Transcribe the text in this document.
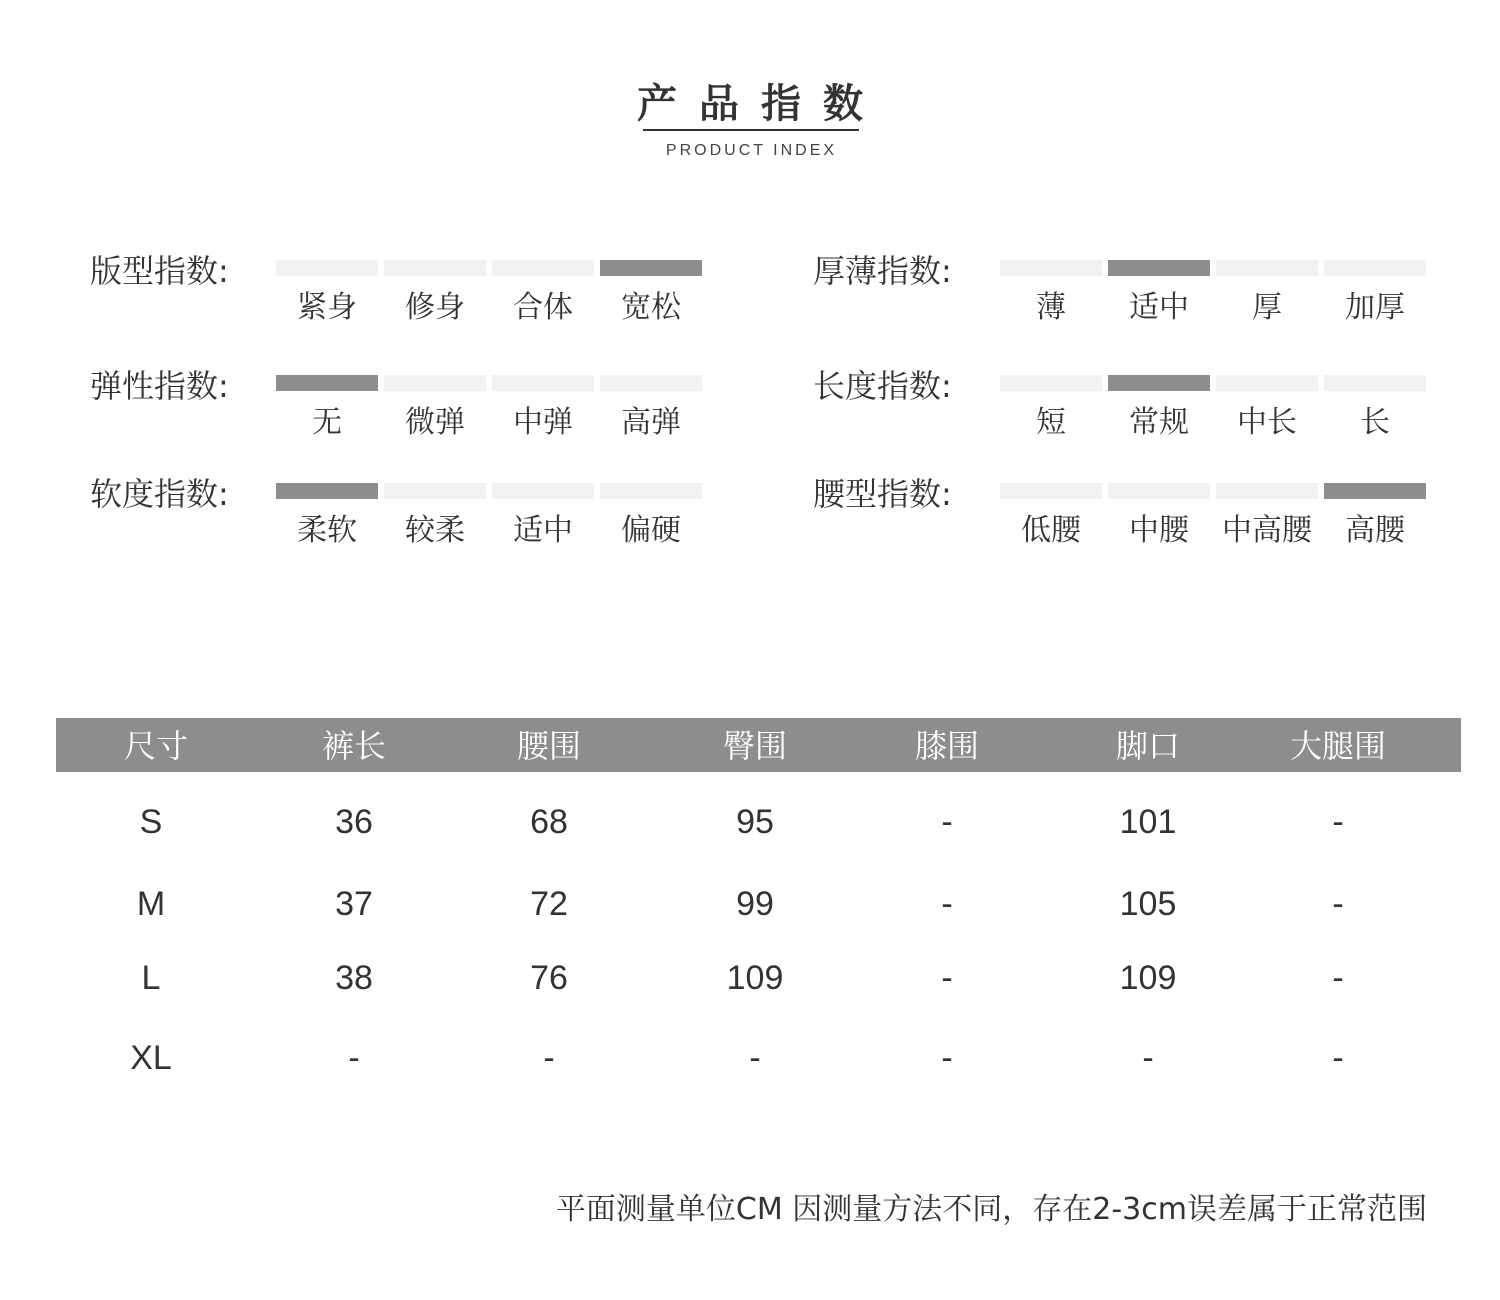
产品指数
PRODUCT INDEX
版型指数:
紧身	修身	合体	宽松
弹性指数:
无	微弹	中弹	高弹
软度指数:
柔软	较柔	适中	偏硬
厚薄指数:
薄	适中	厚	加厚
长度指数:
短	常规	中长	长
腰型指数:
低腰	中腰	中高腰	高腰
尺寸	裤长	腰围	臀围	膝围	脚口	大腿围
S	36	68	95	-	101	-
M	37	72	99	-	105	-
L	38	76	109	-	109	-
XL	-	-	-	-	-	-
平面测量单位CM 因测量方法不同，存在2-3cm误差属于正常范围
